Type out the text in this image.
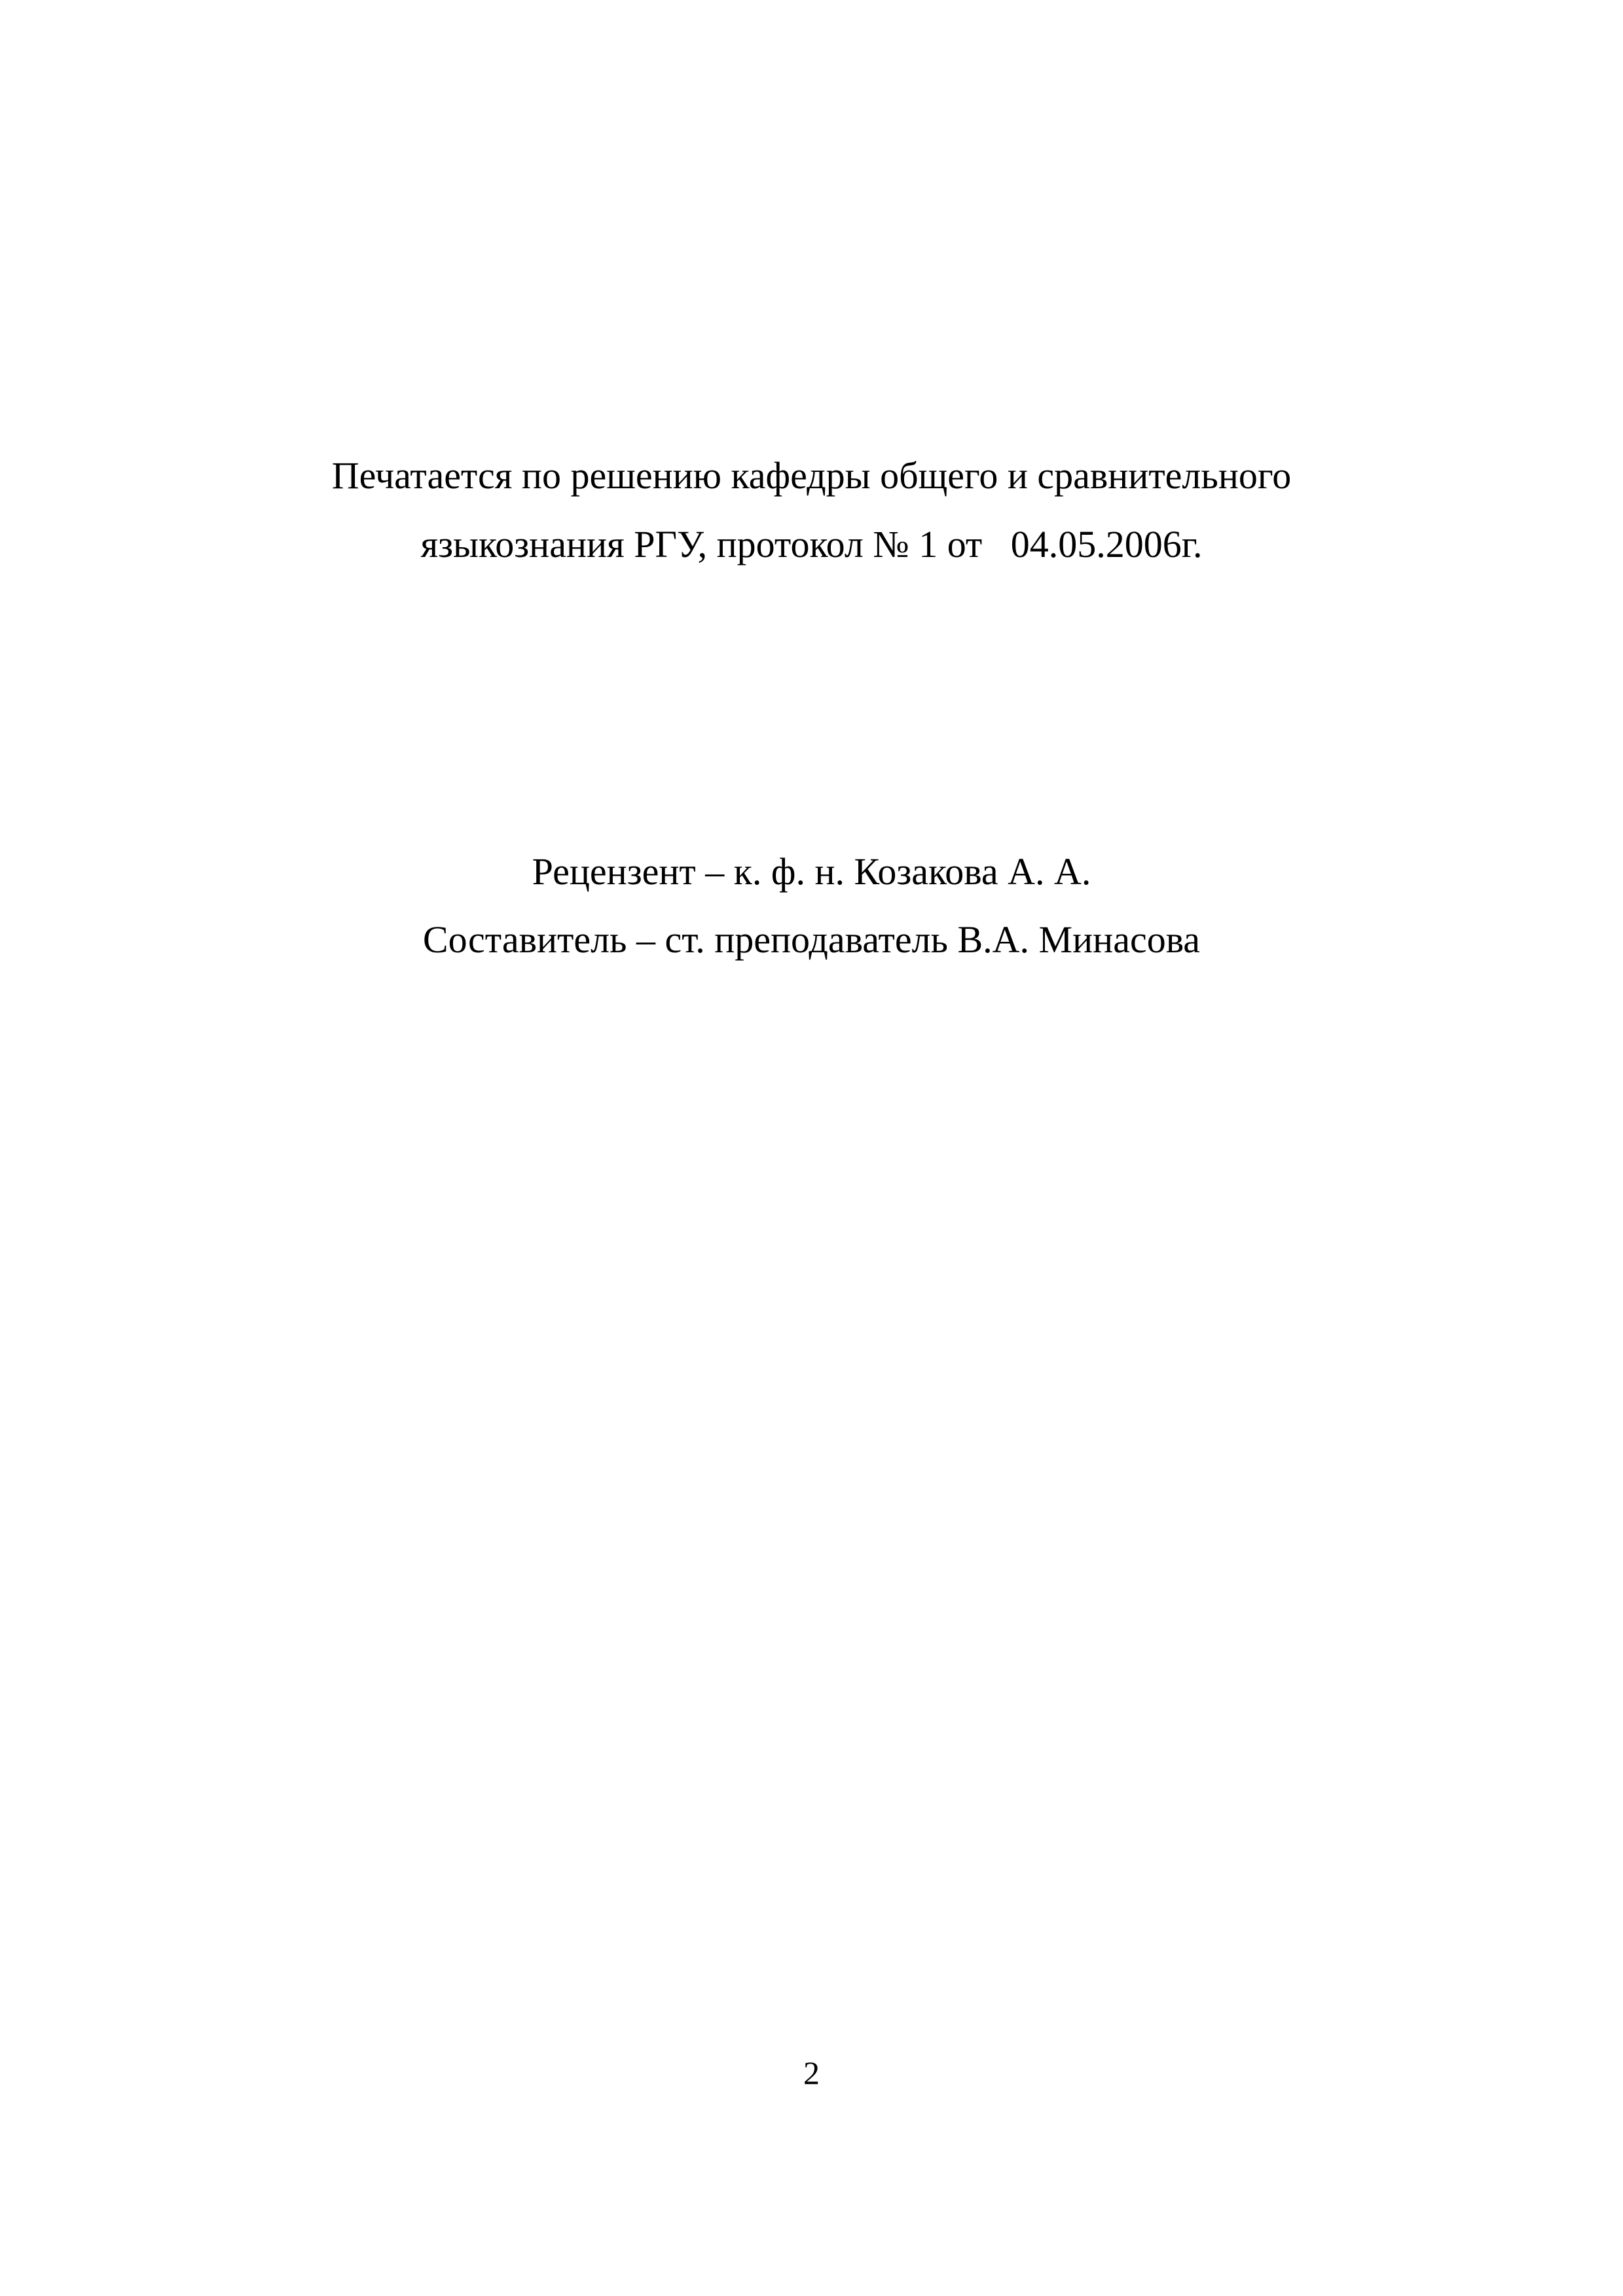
Печатается по решению кафедры общего и сравнительного
языкознания РГУ, протокол № 1 от   04.05.2006г.
Рецензент – к. ф. н. Козакова А. А.
Составитель – ст. преподаватель В.А. Минасова
2
